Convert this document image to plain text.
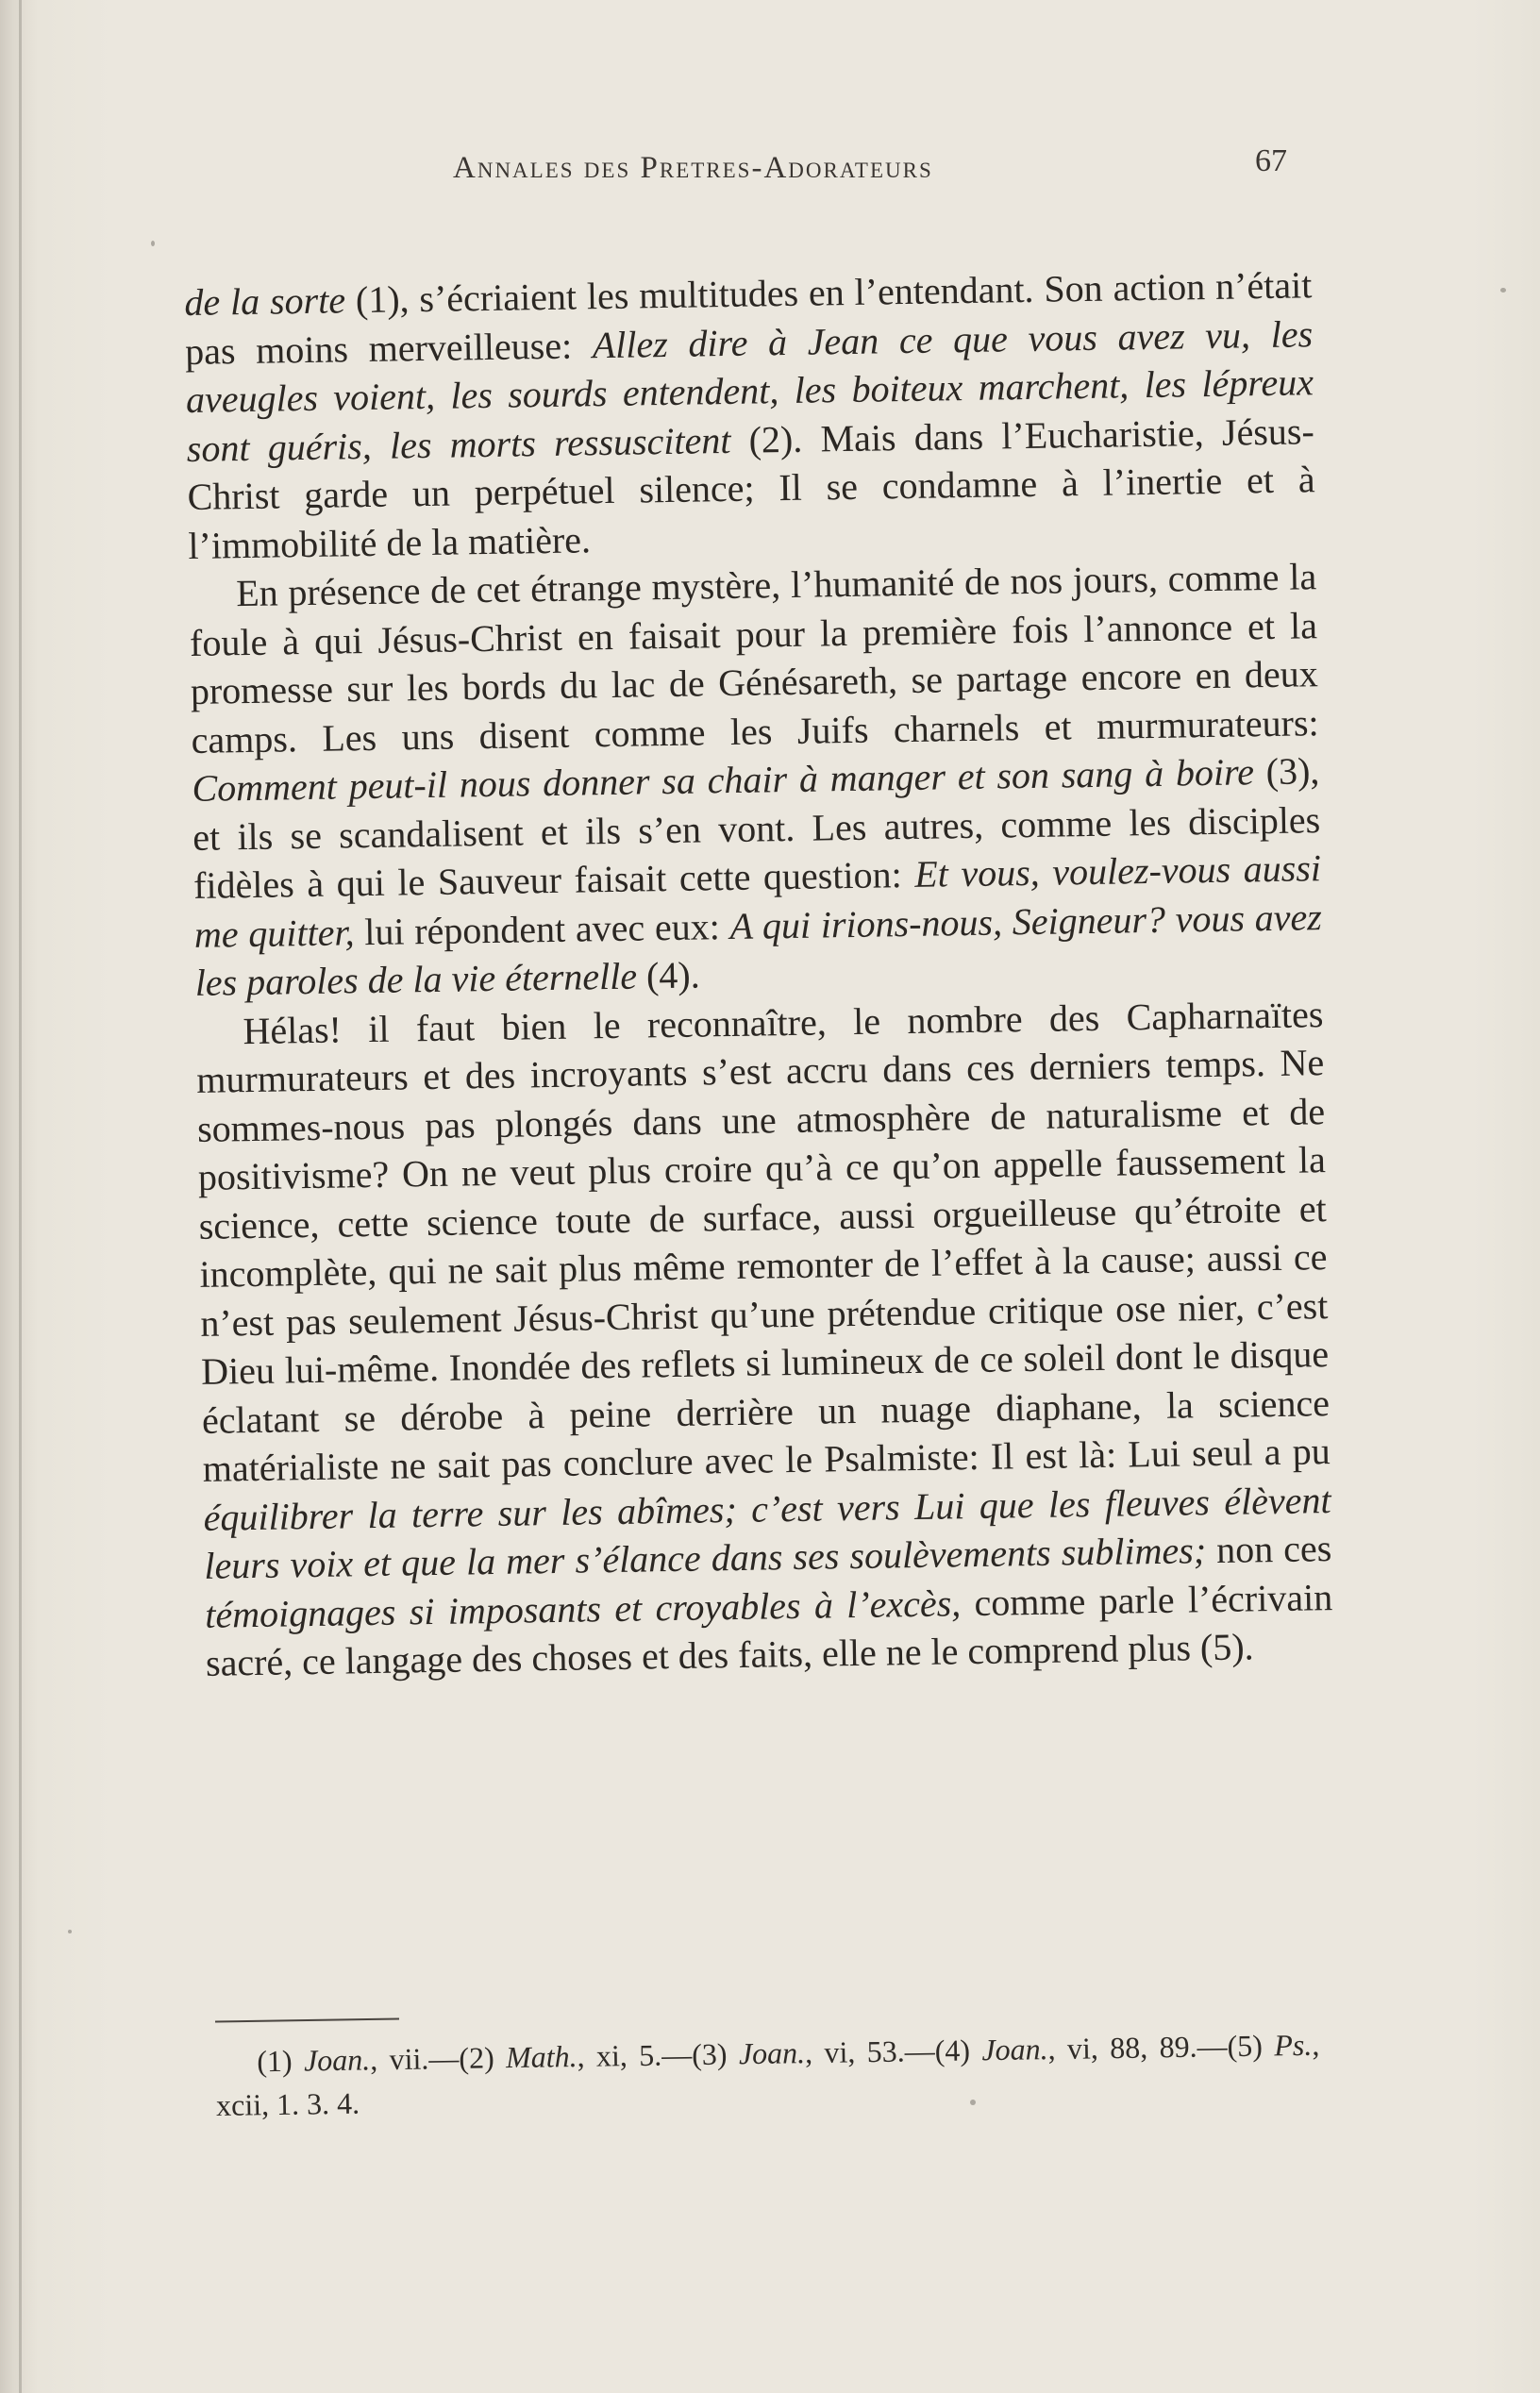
Annales des Pretres-Adorateurs	67

de la sorte (1), s’écriaient les multitudes en l’entendant. Son action n’était pas moins merveilleuse: Allez dire à Jean ce que vous avez vu, les aveugles voient, les sourds entendent, les boiteux marchent, les lépreux sont guéris, les morts ressuscitent (2). Mais dans l’Eucharistie, Jésus-Christ garde un perpétuel silence; Il se condamne à l’inertie et à l’immobilité de la matière.

En présence de cet étrange mystère, l’humanité de nos jours, comme la foule à qui Jésus-Christ en faisait pour la première fois l’annonce et la promesse sur les bords du lac de Génésareth, se partage encore en deux camps. Les uns disent comme les Juifs charnels et murmurateurs: Comment peut-il nous donner sa chair à manger et son sang à boire (3), et ils se scandalisent et ils s’en vont. Les autres, comme les disciples fidèles à qui le Sauveur faisait cette question: Et vous, voulez-vous aussi me quitter, lui répondent avec eux: A qui irions-nous, Seigneur? vous avez les paroles de la vie éternelle (4).

Hélas! il faut bien le reconnaître, le nombre des Capharnaïtes murmurateurs et des incroyants s’est accru dans ces derniers temps. Ne sommes-nous pas plongés dans une atmosphère de naturalisme et de positivisme? On ne veut plus croire qu’à ce qu’on appelle faussement la science, cette science toute de surface, aussi orgueilleuse qu’étroite et incomplète, qui ne sait plus même remonter de l’effet à la cause; aussi ce n’est pas seulement Jésus-Christ qu’une prétendue critique ose nier, c’est Dieu lui-même. Inondée des reflets si lumineux de ce soleil dont le disque éclatant se dérobe à peine derrière un nuage diaphane, la science matérialiste ne sait pas conclure avec le Psalmiste: Il est là: Lui seul a pu équilibrer la terre sur les abîmes; c’est vers Lui que les fleuves élèvent leurs voix et que la mer s’élance dans ses soulèvements sublimes; non ces témoignages si imposants et croyables à l’excès, comme parle l’écrivain sacré, ce langage des choses et des faits, elle ne le comprend plus (5).

(1) Joan., vii.—(2) Math., xi, 5.—(3) Joan., vi, 53.—(4) Joan., vi, 88, 89.—(5) Ps., xcii, 1. 3. 4.
